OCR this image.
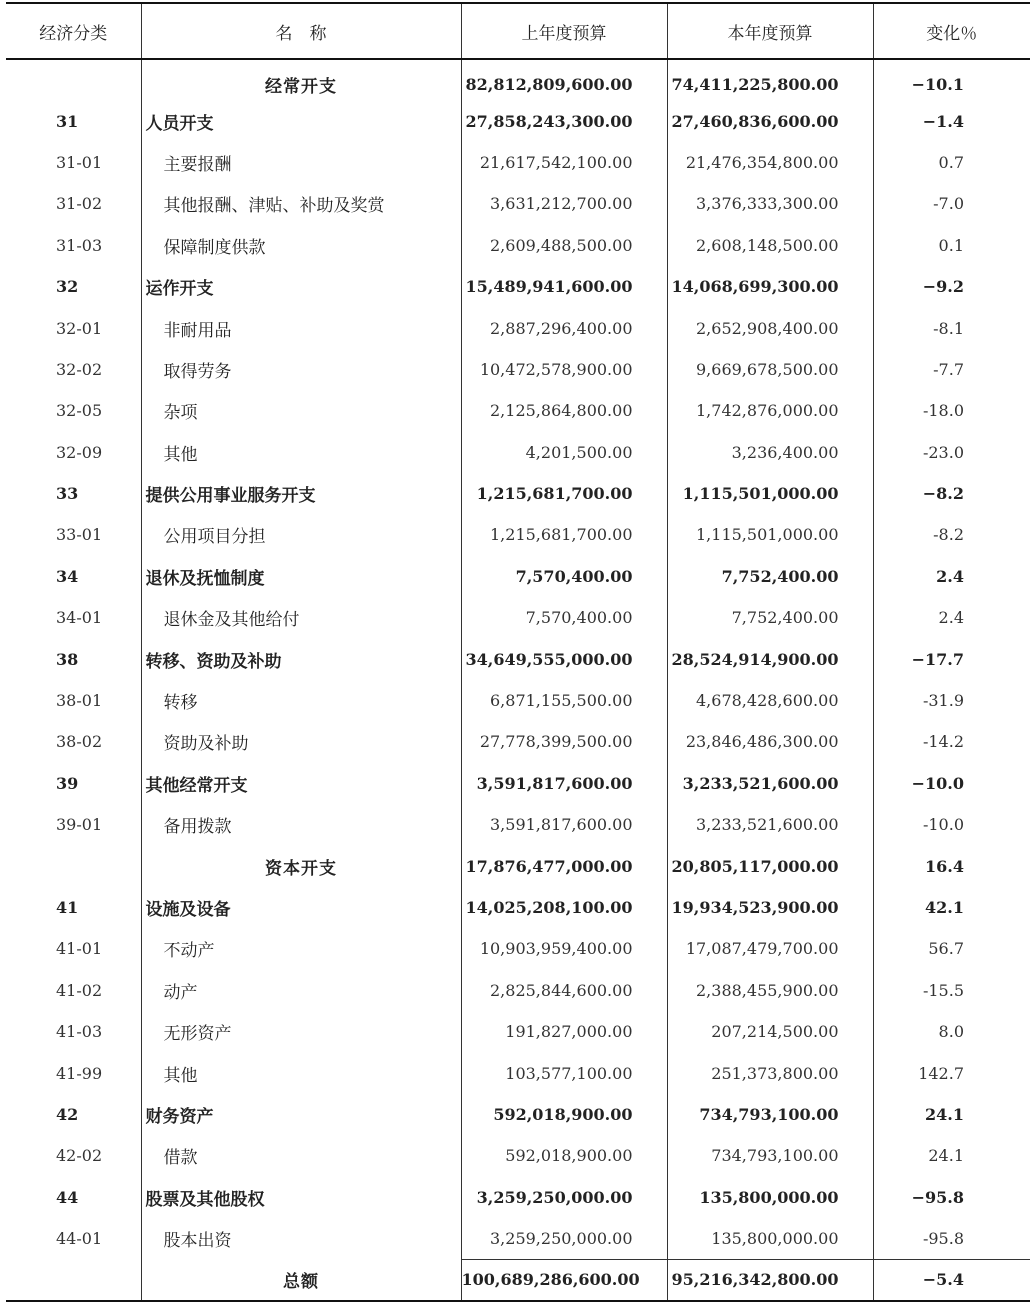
经济分类	名　称	上年度预算	本年度预算	变化％
	经常开支	82,812,809,600.00	74,411,225,800.00	−10.1
31	人员开支	27,858,243,300.00	27,460,836,600.00	−1.4
31-01	主要报酬	21,617,542,100.00	21,476,354,800.00	0.7
31-02	其他报酬、津贴、补助及奖赏	3,631,212,700.00	3,376,333,300.00	-7.0
31-03	保障制度供款	2,609,488,500.00	2,608,148,500.00	0.1
32	运作开支	15,489,941,600.00	14,068,699,300.00	−9.2
32-01	非耐用品	2,887,296,400.00	2,652,908,400.00	-8.1
32-02	取得劳务	10,472,578,900.00	9,669,678,500.00	-7.7
32-05	杂项	2,125,864,800.00	1,742,876,000.00	-18.0
32-09	其他	4,201,500.00	3,236,400.00	-23.0
33	提供公用事业服务开支	1,215,681,700.00	1,115,501,000.00	−8.2
33-01	公用项目分担	1,215,681,700.00	1,115,501,000.00	-8.2
34	退休及抚恤制度	7,570,400.00	7,752,400.00	2.4
34-01	退休金及其他给付	7,570,400.00	7,752,400.00	2.4
38	转移、资助及补助	34,649,555,000.00	28,524,914,900.00	−17.7
38-01	转移	6,871,155,500.00	4,678,428,600.00	-31.9
38-02	资助及补助	27,778,399,500.00	23,846,486,300.00	-14.2
39	其他经常开支	3,591,817,600.00	3,233,521,600.00	−10.0
39-01	备用拨款	3,591,817,600.00	3,233,521,600.00	-10.0
	资本开支	17,876,477,000.00	20,805,117,000.00	16.4
41	设施及设备	14,025,208,100.00	19,934,523,900.00	42.1
41-01	不动产	10,903,959,400.00	17,087,479,700.00	56.7
41-02	动产	2,825,844,600.00	2,388,455,900.00	-15.5
41-03	无形资产	191,827,000.00	207,214,500.00	8.0
41-99	其他	103,577,100.00	251,373,800.00	142.7
42	财务资产	592,018,900.00	734,793,100.00	24.1
42-02	借款	592,018,900.00	734,793,100.00	24.1
44	股票及其他股权	3,259,250,000.00	135,800,000.00	−95.8
44-01	股本出资	3,259,250,000.00	135,800,000.00	-95.8
	总额	100,689,286,600.00	95,216,342,800.00	−5.4
